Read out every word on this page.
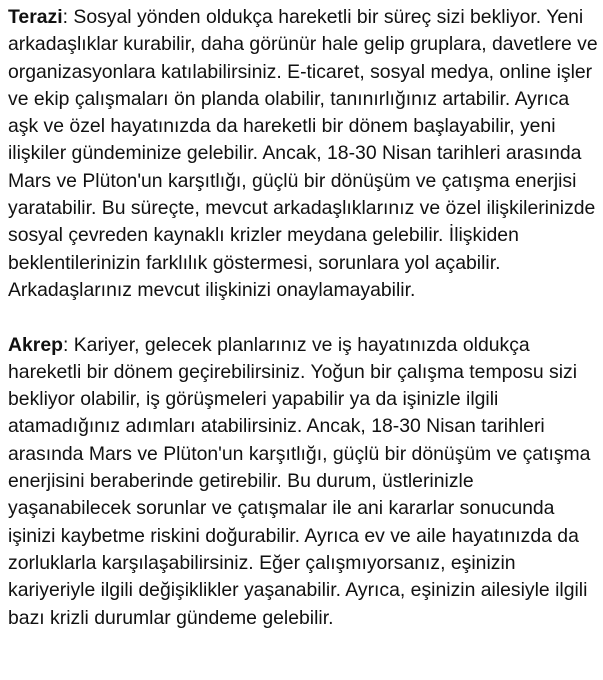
Terazi: Sosyal yönden oldukça hareketli bir süreç sizi bekliyor. Yeni arkadaşlıklar kurabilir, daha görünür hale gelip gruplara, davetlere ve organizasyonlara katılabilirsiniz. E-ticaret, sosyal medya, online işler ve ekip çalışmaları ön planda olabilir, tanınırlığınız artabilir. Ayrıca aşk ve özel hayatınızda da hareketli bir dönem başlayabilir, yeni ilişkiler gündeminize gelebilir. Ancak, 18-30 Nisan tarihleri arasında Mars ve Plüton'un karşıtlığı, güçlü bir dönüşüm ve çatışma enerjisi yaratabilir. Bu süreçte, mevcut arkadaşlıklarınız ve özel ilişkilerinizde sosyal çevreden kaynaklı krizler meydana gelebilir. İlişkiden beklentilerinizin farklılık göstermesi, sorunlara yol açabilir. Arkadaşlarınız mevcut ilişkinizi onaylamayabilir.

Akrep: Kariyer, gelecek planlarınız ve iş hayatınızda oldukça hareketli bir dönem geçirebilirsiniz. Yoğun bir çalışma temposu sizi bekliyor olabilir, iş görüşmeleri yapabilir ya da işinizle ilgili atamadığınız adımları atabilirsiniz. Ancak, 18-30 Nisan tarihleri arasında Mars ve Plüton'un karşıtlığı, güçlü bir dönüşüm ve çatışma enerjisini beraberinde getirebilir. Bu durum, üstlerinizle yaşanabilecek sorunlar ve çatışmalar ile ani kararlar sonucunda işinizi kaybetme riskini doğurabilir. Ayrıca ev ve aile hayatınızda da zorluklarla karşılaşabilirsiniz. Eğer çalışmıyorsanız, eşinizin kariyeriyle ilgili değişiklikler yaşanabilir. Ayrıca, eşinizin ailesiyle ilgili bazı krizli durumlar gündeme gelebilir.
